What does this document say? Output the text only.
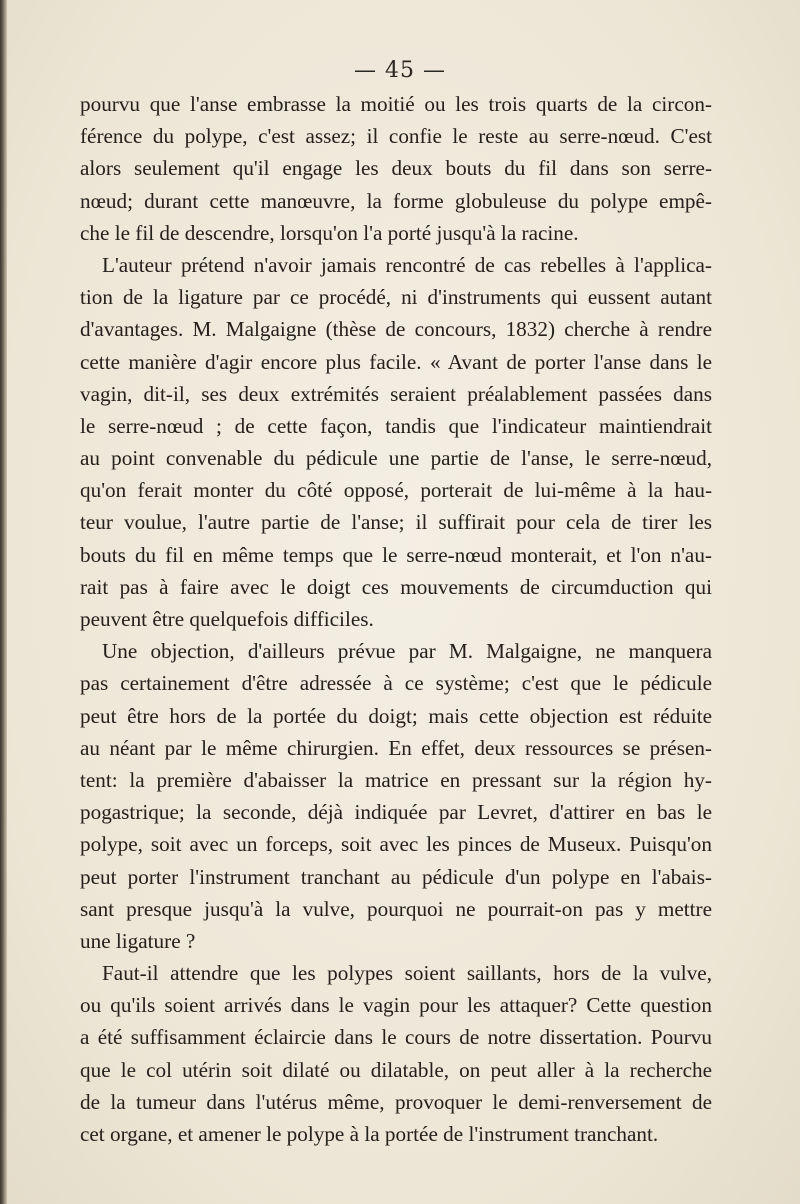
— 45 —
pourvu que l'anse embrasse la moitié ou les trois quarts de la circon-
férence du polype, c'est assez; il confie le reste au serre-nœud. C'est
alors seulement qu'il engage les deux bouts du fil dans son serre-
nœud; durant cette manœuvre, la forme globuleuse du polype empê-
che le fil de descendre, lorsqu'on l'a porté jusqu'à la racine.
L'auteur prétend n'avoir jamais rencontré de cas rebelles à l'applica-
tion de la ligature par ce procédé, ni d'instruments qui eussent autant
d'avantages. M. Malgaigne (thèse de concours, 1832) cherche à rendre
cette manière d'agir encore plus facile. « Avant de porter l'anse dans le
vagin, dit-il, ses deux extrémités seraient préalablement passées dans
le serre-nœud ; de cette façon, tandis que l'indicateur maintiendrait
au point convenable du pédicule une partie de l'anse, le serre-nœud,
qu'on ferait monter du côté opposé, porterait de lui-même à la hau-
teur voulue, l'autre partie de l'anse; il suffirait pour cela de tirer les
bouts du fil en même temps que le serre-nœud monterait, et l'on n'au-
rait pas à faire avec le doigt ces mouvements de circumduction qui
peuvent être quelquefois difficiles.
Une objection, d'ailleurs prévue par M. Malgaigne, ne manquera
pas certainement d'être adressée à ce système; c'est que le pédicule
peut être hors de la portée du doigt; mais cette objection est réduite
au néant par le même chirurgien. En effet, deux ressources se présen-
tent: la première d'abaisser la matrice en pressant sur la région hy-
pogastrique; la seconde, déjà indiquée par Levret, d'attirer en bas le
polype, soit avec un forceps, soit avec les pinces de Museux. Puisqu'on
peut porter l'instrument tranchant au pédicule d'un polype en l'abais-
sant presque jusqu'à la vulve, pourquoi ne pourrait-on pas y mettre
une ligature ?
Faut-il attendre que les polypes soient saillants, hors de la vulve,
ou qu'ils soient arrivés dans le vagin pour les attaquer? Cette question
a été suffisamment éclaircie dans le cours de notre dissertation. Pourvu
que le col utérin soit dilaté ou dilatable, on peut aller à la recherche
de la tumeur dans l'utérus même, provoquer le demi-renversement de
cet organe, et amener le polype à la portée de l'instrument tranchant.
